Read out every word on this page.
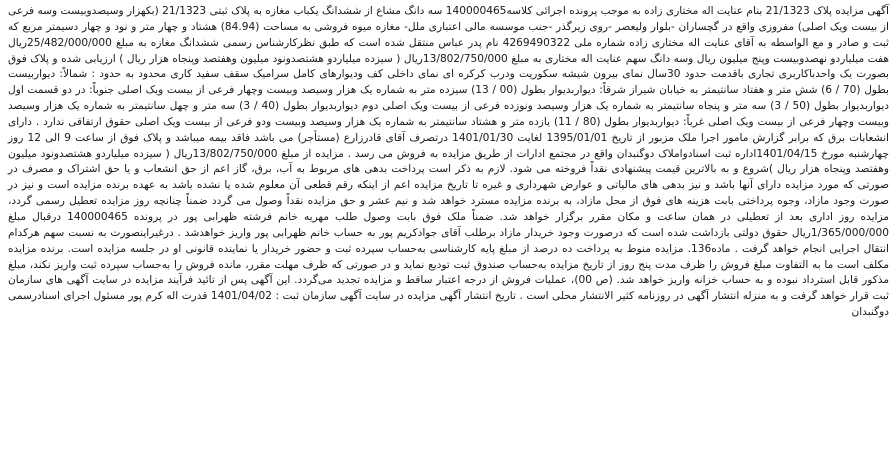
آگهی مزایده پلاک 21/1323 بنام عنایت اله مختاری زاده به موجب پرونده اجرائی کلاسه140000465 سه دانگ مشاع از ششدانگ یکباب مغازه به پلاک ثبتی 21/1323 (بکهزار وسیصدوبیست وسه فرعی از بیست ویک اصلی) مفروزی واقع در گچساران -بلوار ولیعصر -روی زیرگذر -جنب موسسه مالی اعتباری ملل- مغازه میوه فروشی به مساحت (84.94) هشتاد و چهار متر و نود و چهار دسیمتر مربع که ثبت و صادر و مع الواسطه به آقای عنایت اله مختاری زاده شماره ملی 4269490322 نام پدر عباس منتقل شده است که طبق نظرکارشناس رسمی ششدانگ مغازه به مبلغ 25/482/000/000ریال هفت میلیاردو نهصدوبیست وپنج میلیون ریال وسه دانگ سهم عنایت اله مختاری به مبلغ 13/802/750/000ریال ( سیزده میلیاردو هشتصدونود میلیون وهفتصد وپنجاه هزار ریال ) ارزیابی شده و پلاک فوق بصورت یک واحدباکاربری تجاری باقدمت حدود 30سال نمای بیرون شیشه سکوریت ودرب کرکره ای نمای داخلی کف ودیوارهای کامل سرامیک سقف سفید کاری محدود به حدود : شمالاً: دیواربیست بطول (70 / 6) شش متر و هفتاد سانتیمتر به خیابان شیراز شرقاً: دیواربدیوار بطول (00 / 13) سیزده متر به شماره یک هزار وسیصد وبیست وچهار فرعی از بیست ویک اصلی جنوباً: در دو قسمت اول دیواربدیوار بطول (50 / 3) سه متر و پنجاه سانتیمتر به شماره یک هزار وسیصد ونوزده فرعی از بیست ویک اصلی دوم دیواربدیوار بطول (40 / 3) سه متر و چهل سانتیمتر به شماره یک هزار وسیصد وبیست وچهار فرعی از بیست ویک اصلی غرباً: دیواربدیوار بطول (80 / 11) یازده متر و هشتاد سانتیمتر به شماره یک هزار وسیصد وبیست ودو فرعی از بیست ویک اصلی حقوق ارتفاقی ندارد . دارای انشعابات برق که برابر گزارش مامور اجرا ملک مزبور از تاریخ 1395/01/01 لغایت 1401/01/30 درتصرف آقای قادرزارع (مستأجر) می باشد فاقد بیمه میباشد و پلاک فوق از ساعت 9 الی 12 روز چهارشنبه مورخ 1401/04/15اداره ثبت اسنادواملاک دوگنبدان واقع در مجتمع ادارات از طریق مزایده به فروش می رسد . مزایده از مبلغ 13/802/750/000ریال ( سیزده میلیاردو هشتصدونود میلیون وهفتصد وپنجاه هزار ریال )شروع و به بالاترین قیمت پیشنهادی نقداً فروخته می شود. لازم به ذکر است پرداخت بدهی های مربوط به آب، برق، گاز اعم از حق انشعاب و یا حق اشتراک و مصرف در صورتی که مورد مزایده دارای آنها باشد و نیز بدهی های مالیاتی و عوارض شهرداری و غیره تا تاریخ مزایده اعم از اینکه رقم قطعی آن معلوم شده یا نشده باشد به عهده برنده مزایده است و نیز در صورت وجود مازاد، وجوه پرداختی بابت هزینه های فوق از محل مازاد، به برنده مزایده مسترد خواهد شد و نیم عشر و حق مزایده نقداً وصول می گردد ضمناً چنانچه روز مزایده تعطیل رسمی گردد، مزایده روز اداری بعد از تعطیلی در همان ساعت و مکان مقرر برگزار خواهد شد. ضمناً ملک فوق بابت وصول طلب مهریه خانم فرشته ظهرابی پور در پرونده 140000465 درقبال مبلغ 1/365/000/000ریال حقوق دولتی بازداشت شده است که درصورت وجود خریدار مازاد برطلب آقای جوادکریم پور به حساب خانم ظهرابی پور واریز خواهدشد . درغیراینصورت به نسبت سهم هرکدام انتقال اجرایی انجام خواهد گرفت . ماده136. مزایده منوط به پرداخت ده درصد از مبلغ پایه کارشناسی به‌حساب سپرده ثبت و حضور خریدار یا نماینده قانونی او در جلسه مزایده است. برنده مزایده مکلف است ما به التفاوت مبلغ فروش را ظرف مدت پنج روز از تاریخ مزایده به‌حساب صندوق ثبت تودیع نماید و در صورتی که ظرف مهلت مقرر، مانده فروش را به‌حساب سپرده ثبت واریز نکند، مبلغ مذکور قابل استرداد نبوده و به حساب خزانه واریز خواهد شد. (ص 00)، عملیات فروش از درجه اعتبار ساقط و مزایده تجدید می‌گردد. این آگهی پس از تائید فرآیند مزایده در سایت آگهی های سازمان ثبت قرار خواهد گرفت و به منزله انتشار آگهی در روزنامه کثیر الانتشار محلی است . تاریخ انتشار آگهی مزایده در سایت آگهی سازمان ثبت : 1401/04/02 قدرت اله کرم پور مسئول اجرای اسنادرسمی دوگنبدان
